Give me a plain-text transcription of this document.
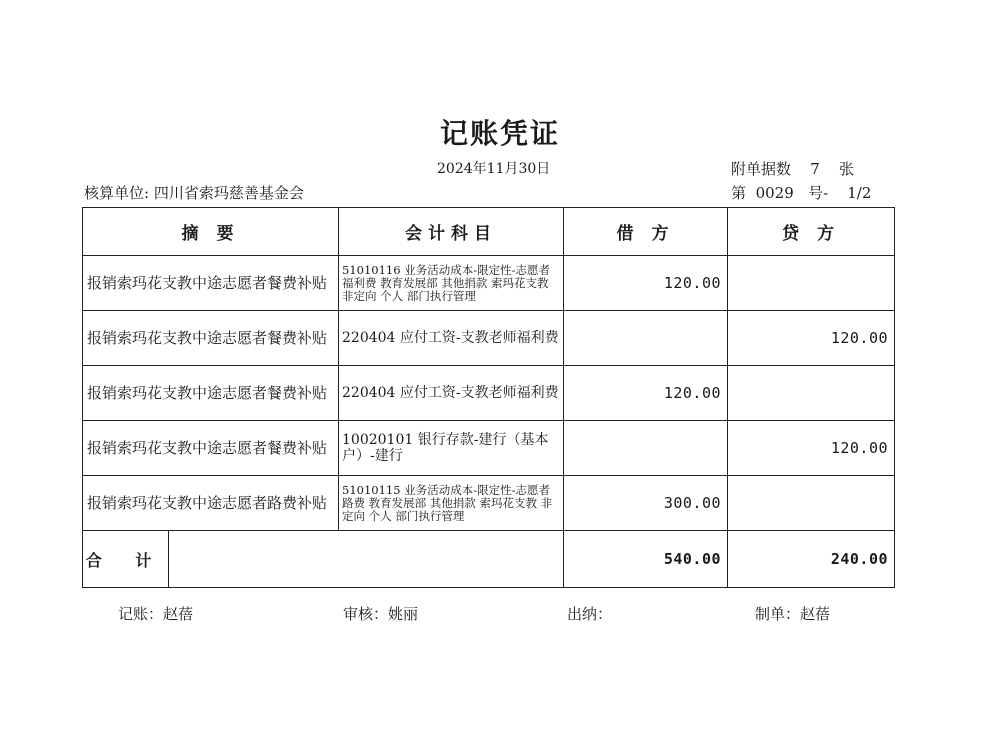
记账凭证
2024年11月30日	附单据数 7 张
核算单位: 四川省索玛慈善基金会	第 0029 号- 1/2
摘 要		会计科目	借 方	贷 方
报销索玛花支教中途志愿者餐费补贴		51010116 业务活动成本-限定性-志愿者福利费 教育发展部 其他捐款 索玛花支教 非定向 个人 部门执行管理	120.00	
报销索玛花支教中途志愿者餐费补贴		220404 应付工资-支教老师福利费		120.00
报销索玛花支教中途志愿者餐费补贴		220404 应付工资-支教老师福利费	120.00	
报销索玛花支教中途志愿者餐费补贴		10020101 银行存款-建行（基本户）-建行		120.00
报销索玛花支教中途志愿者路费补贴		51010115 业务活动成本-限定性-志愿者路费 教育发展部 其他捐款 索玛花支教 非定向 个人 部门执行管理	300.00	
合 计			540.00	240.00
记账：赵蓓	审核：姚丽	出纳：	制单：赵蓓
